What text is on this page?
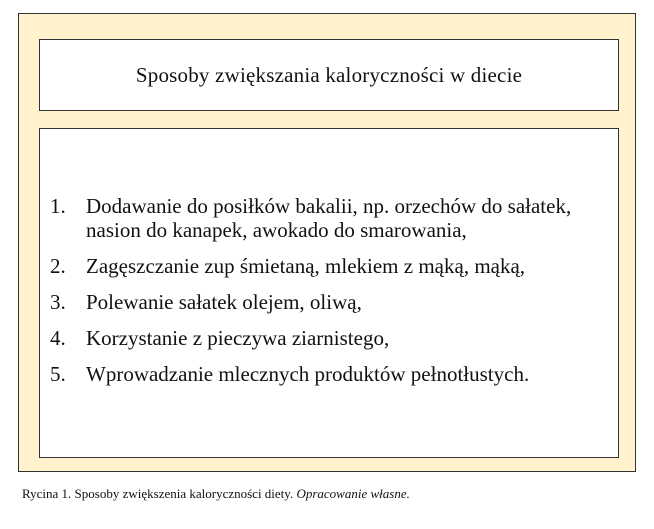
Sposoby zwiększania kaloryczności w diecie
1. Dodawanie do posiłków bakalii, np. orzechów do sałatek, nasion do kanapek, awokado do smarowania,
2. Zagęszczanie zup śmietaną, mlekiem z mąką, mąką,
3. Polewanie sałatek olejem, oliwą,
4. Korzystanie z pieczywa ziarnistego,
5. Wprowadzanie mlecznych produktów pełnotłustych.
Rycina 1. Sposoby zwiększenia kaloryczności diety. Opracowanie własne.
